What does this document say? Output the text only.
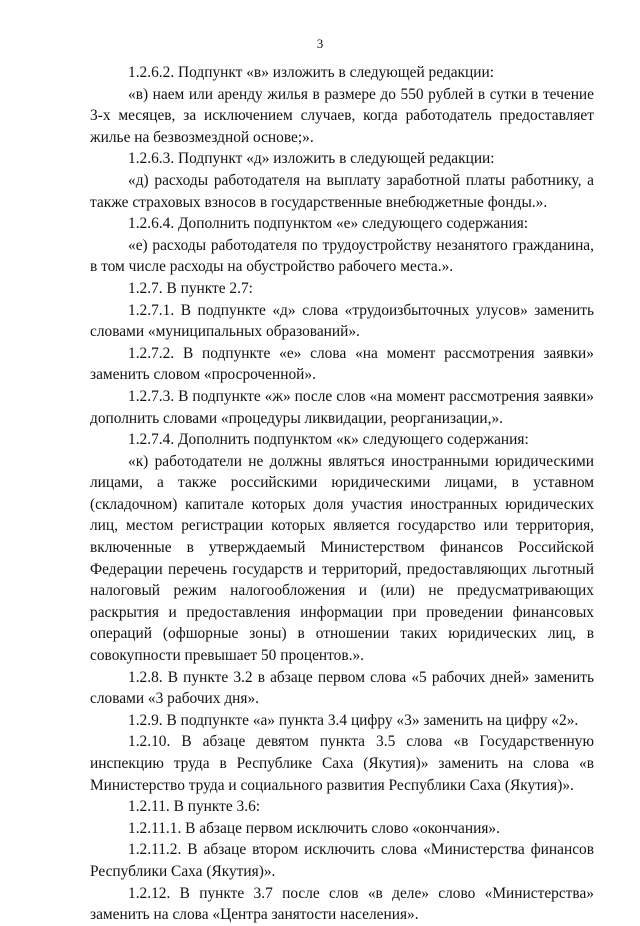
3

1.2.6.2. Подпункт «в» изложить в следующей редакции:

«в) наем или аренду жилья в размере до 550 рублей в сутки в течение 3-х месяцев, за исключением случаев, когда работодатель предоставляет жилье на безвозмездной основе;».

1.2.6.3. Подпункт «д» изложить в следующей редакции:

«д) расходы работодателя на выплату заработной платы работнику, а также страховых взносов в государственные внебюджетные фонды.».

1.2.6.4. Дополнить подпунктом «е» следующего содержания:

«е) расходы работодателя по трудоустройству незанятого гражданина, в том числе расходы на обустройство рабочего места.».

1.2.7. В пункте 2.7:

1.2.7.1. В подпункте «д» слова «трудоизбыточных улусов» заменить словами «муниципальных образований».

1.2.7.2. В подпункте «е» слова «на момент рассмотрения заявки» заменить словом «просроченной».

1.2.7.3. В подпункте «ж» после слов «на момент рассмотрения заявки» дополнить словами «процедуры ликвидации, реорганизации,».

1.2.7.4. Дополнить подпунктом «к» следующего содержания:

«к) работодатели не должны являться иностранными юридическими лицами, а также российскими юридическими лицами, в уставном (складочном) капитале которых доля участия иностранных юридических лиц, местом регистрации которых является государство или территория, включенные в утверждаемый Министерством финансов Российской Федерации перечень государств и территорий, предоставляющих льготный налоговый режим налогообложения и (или) не предусматривающих раскрытия и предоставления информации при проведении финансовых операций (офшорные зоны) в отношении таких юридических лиц, в совокупности превышает 50 процентов.».

1.2.8. В пункте 3.2 в абзаце первом слова «5 рабочих дней» заменить словами «3 рабочих дня».

1.2.9. В подпункте «а» пункта 3.4 цифру «3» заменить на цифру «2».

1.2.10. В абзаце девятом пункта 3.5 слова «в Государственную инспекцию труда в Республике Саха (Якутия)» заменить на слова «в Министерство труда и социального развития Республики Саха (Якутия)».

1.2.11. В пункте 3.6:

1.2.11.1. В абзаце первом исключить слово «окончания».

1.2.11.2. В абзаце втором исключить слова «Министерства финансов Республики Саха (Якутия)».

1.2.12. В пункте 3.7 после слов «в деле» слово «Министерства» заменить на слова «Центра занятости населения».
